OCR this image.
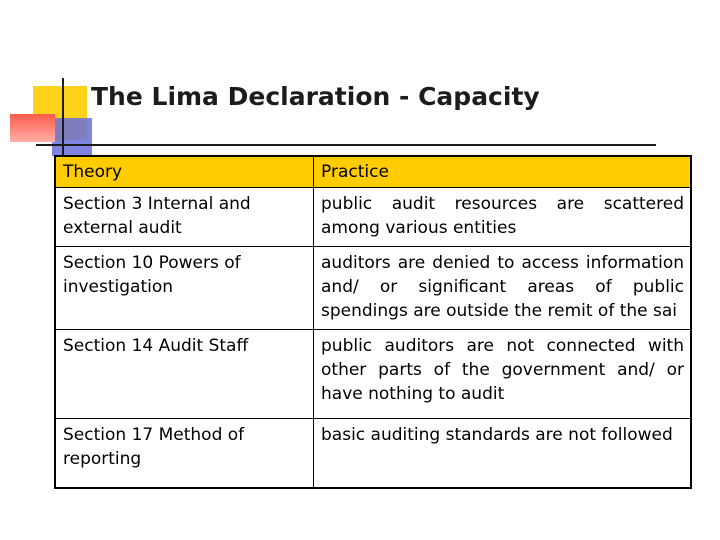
The Lima Declaration - Capacity
Theory	Practice
Section 3 Internal and external audit	public audit resources are scattered among various entities
Section 10 Powers of investigation	auditors are denied to access information and/ or significant areas of public spendings are outside the remit of the sai
Section 14 Audit Staff	public auditors are not connected with other parts of the government and/ or have nothing to audit
Section 17 Method of reporting	basic auditing standards are not followed
